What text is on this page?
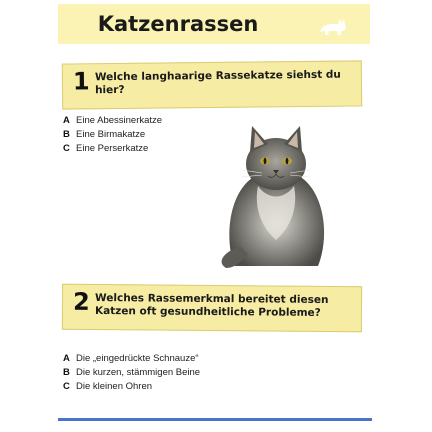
Katzenrassen
1 Welche langhaarige Rassekatze siehst du hier?
A Eine Abessinerkatze
B Eine Birmakatze
C Eine Perserkatze
2 Welches Rassemerkmal bereitet diesen Katzen oft gesundheitliche Probleme?
A Die „eingedrückte Schnauze“
B Die kurzen, stämmigen Beine
C Die kleinen Ohren
